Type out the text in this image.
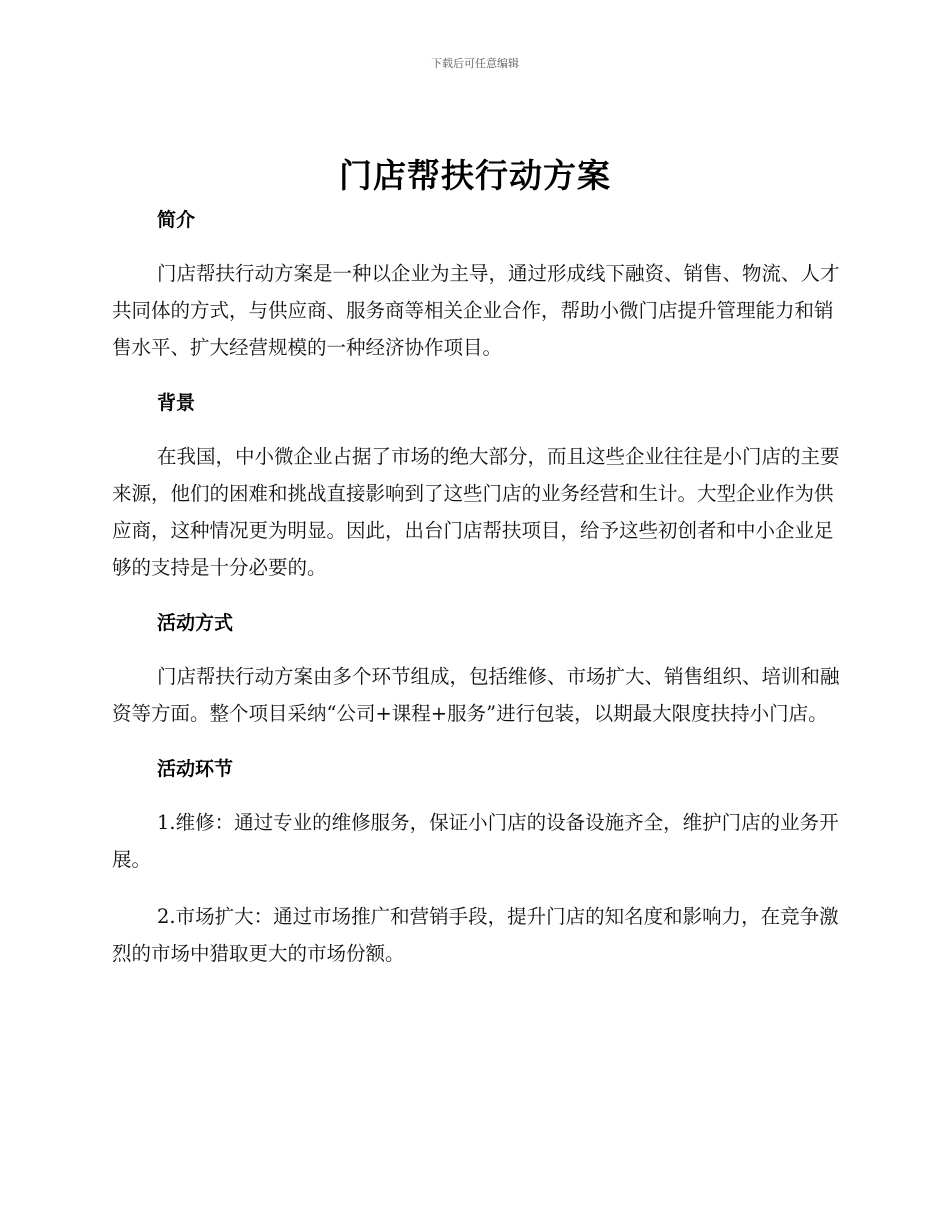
下载后可任意编辑
门店帮扶行动方案
简介

门店帮扶行动方案是一种以企业为主导，通过形成线下融资、销售、物流、人才共同体的方式，与供应商、服务商等相关企业合作，帮助小微门店提升管理能力和销售水平、扩大经营规模的一种经济协作项目。

背景

在我国，中小微企业占据了市场的绝大部分，而且这些企业往往是小门店的主要来源，他们的困难和挑战直接影响到了这些门店的业务经营和生计。大型企业作为供应商，这种情况更为明显。因此，出台门店帮扶项目，给予这些初创者和中小企业足够的支持是十分必要的。

活动方式

门店帮扶行动方案由多个环节组成，包括维修、市场扩大、销售组织、培训和融资等方面。整个项目采纳“公司+课程+服务”进行包装，以期最大限度扶持小门店。

活动环节

1.维修：通过专业的维修服务，保证小门店的设备设施齐全，维护门店的业务开展。

2.市场扩大：通过市场推广和营销手段，提升门店的知名度和影响力，在竞争激烈的市场中猎取更大的市场份额。
